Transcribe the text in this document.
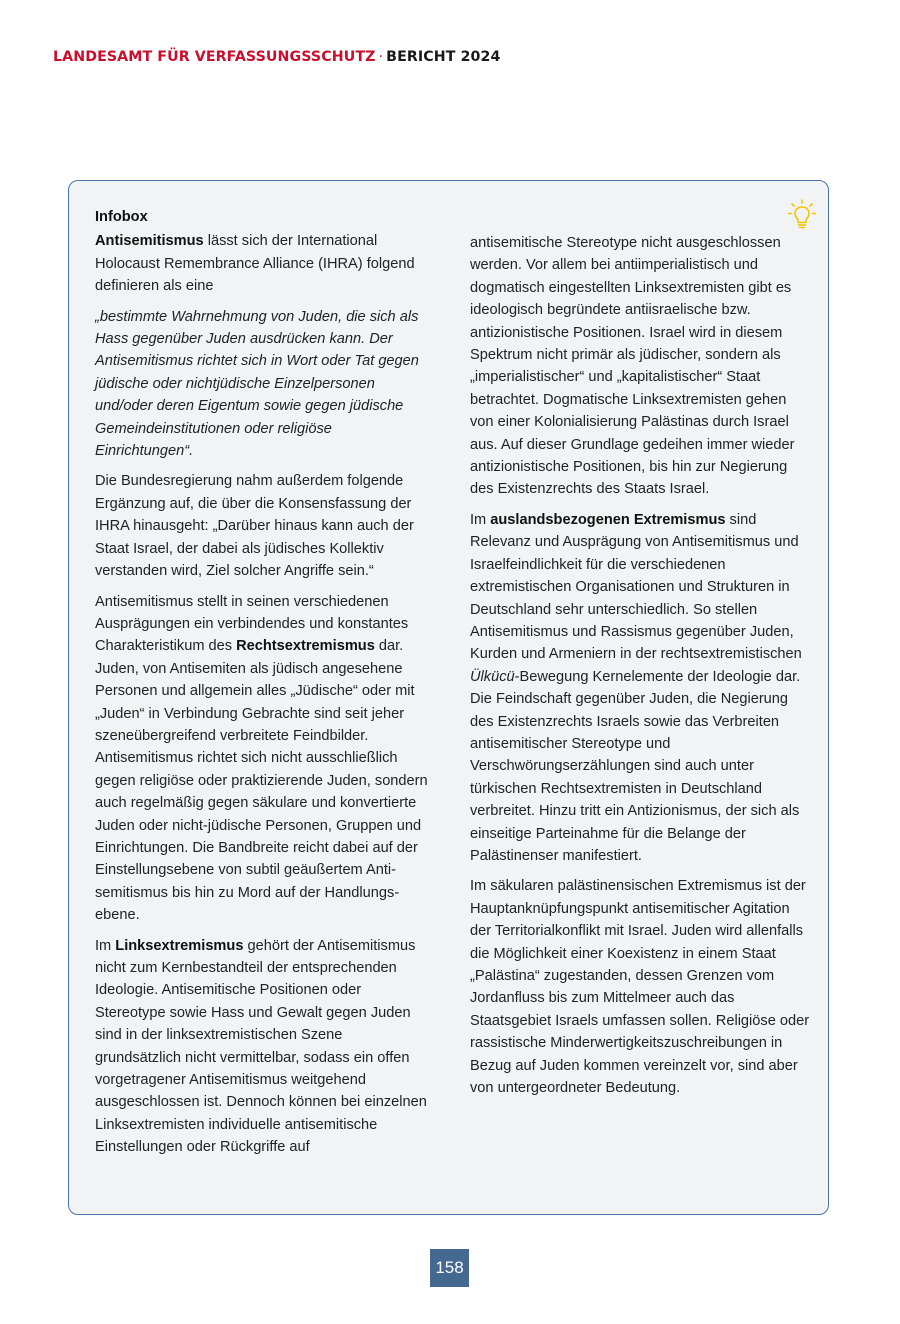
LANDESAMT FÜR VERFASSUNGSSCHUTZ · BERICHT 2024

Infobox

Antisemitismus lässt sich der International Holocaust Remembrance Alliance (IHRA) folgend definieren als eine

„bestimmte Wahrnehmung von Juden, die sich als Hass gegenüber Juden ausdrücken kann. Der Antisemitismus richtet sich in Wort oder Tat gegen jüdische oder nichtjüdische Einzelpersonen und/oder deren Eigentum sowie gegen jüdische Gemeindeinstitutionen oder religiöse Einrichtungen“.

Die Bundesregierung nahm außerdem folgende Ergänzung auf, die über die Konsensfassung der IHRA hinausgeht: „Darüber hinaus kann auch der Staat Israel, der dabei als jüdisches Kollektiv verstanden wird, Ziel solcher Angriffe sein.“

Antisemitismus stellt in seinen verschiedenen Ausprägungen ein verbindendes und konstantes Charakteristikum des Rechtsextremismus dar. Juden, von Antisemiten als jüdisch angesehene Personen und allgemein alles „Jüdische“ oder mit „Juden“ in Verbindung Gebrachte sind seit jeher szeneübergreifend verbreitete Feindbilder. Antisemitismus richtet sich nicht ausschließlich gegen religiöse oder praktizierende Juden, sondern auch regelmäßig gegen säkulare und konvertierte Juden oder nicht-jüdische Personen, Gruppen und Einrichtungen. Die Bandbreite reicht dabei auf der Einstellungsebene von subtil geäußertem Antisemitismus bis hin zu Mord auf der Handlungsebene.

Im Linksextremismus gehört der Antisemitismus nicht zum Kernbestandteil der entsprechenden Ideologie. Antisemitische Positionen oder Stereotype sowie Hass und Gewalt gegen Juden sind in der linksextremistischen Szene grundsätzlich nicht vermittelbar, sodass ein offen vorgetragener Antisemitismus weitgehend ausgeschlossen ist. Dennoch können bei einzelnen Linksextremisten individuelle antisemitische Einstellungen oder Rückgriffe auf

antisemitische Stereotype nicht ausgeschlossen werden. Vor allem bei antiimperialistisch und dogmatisch eingestellten Linksextremisten gibt es ideologisch begründete antiisraelische bzw. antizionistische Positionen. Israel wird in diesem Spektrum nicht primär als jüdischer, sondern als „imperialistischer“ und „kapitalistischer“ Staat betrachtet. Dogmatische Linksextremisten gehen von einer Kolonialisierung Palästinas durch Israel aus. Auf dieser Grundlage gedeihen immer wieder antizionistische Positionen, bis hin zur Negierung des Existenzrechts des Staats Israel.

Im auslandsbezogenen Extremismus sind Relevanz und Ausprägung von Antisemitismus und Israelfeindlichkeit für die verschiedenen extremistischen Organisationen und Strukturen in Deutschland sehr unterschiedlich. So stellen Antisemitismus und Rassismus gegenüber Juden, Kurden und Armeniern in der rechtsextremistischen Ülkücü-Bewegung Kernelemente der Ideologie dar. Die Feindschaft gegenüber Juden, die Negierung des Existenzrechts Israels sowie das Verbreiten antisemitischer Stereotype und Verschwörungserzählungen sind auch unter türkischen Rechtsextremisten in Deutschland verbreitet. Hinzu tritt ein Antizionismus, der sich als einseitige Parteinahme für die Belange der Palästinenser manifestiert.

Im säkularen palästinensischen Extremismus ist der Hauptanknüpfungspunkt antisemitischer Agitation der Territorialkonflikt mit Israel. Juden wird allenfalls die Möglichkeit einer Koexistenz in einem Staat „Palästina“ zugestanden, dessen Grenzen vom Jordanfluss bis zum Mittelmeer auch das Staatsgebiet Israels umfassen sollen. Religiöse oder rassistische Minderwertigkeitszuschreibungen in Bezug auf Juden kommen vereinzelt vor, sind aber von untergeordneter Bedeutung.

158
